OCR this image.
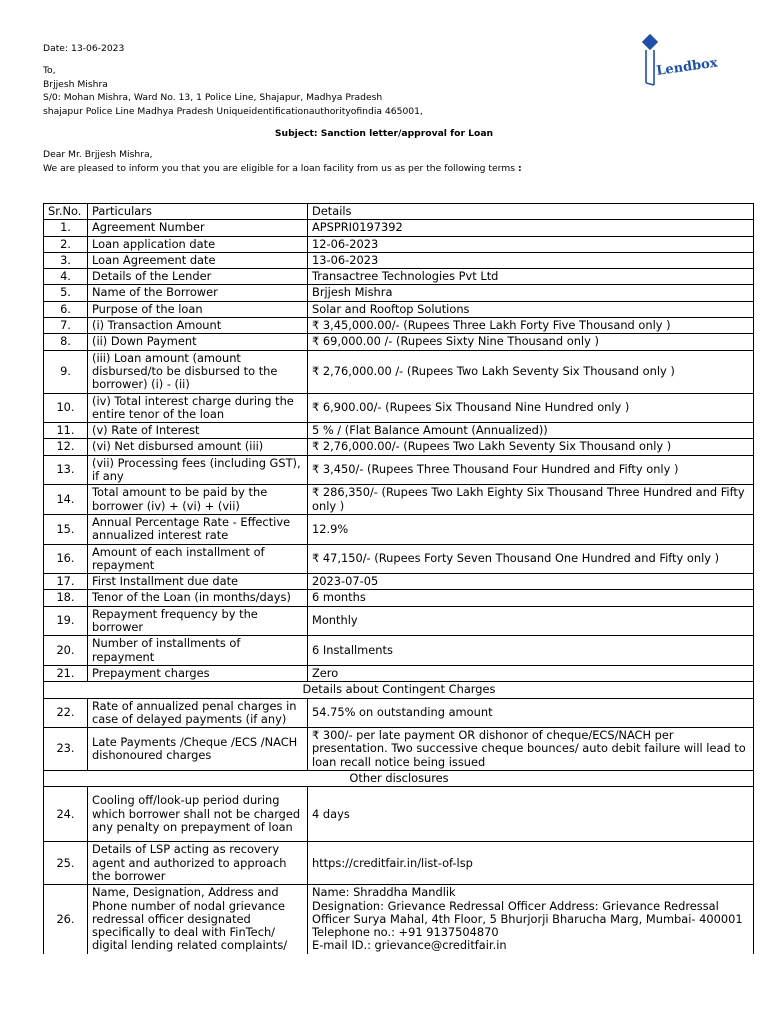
Date: 13-06-2023
Lendbox
To,
Brjjesh Mishra
S/0: Mohan Mishra, Ward No. 13, 1 Police Line, Shajapur, Madhya Pradesh
shajapur Police Line Madhya Pradesh Uniqueidentificationauthorityofindia 465001,
Subject: Sanction letter/approval for Loan
Dear Mr. Brjjesh Mishra,
We are pleased to inform you that you are eligible for a loan facility from us as per the following terms :
Sr.No.	Particulars	Details
1.	Agreement Number	APSPRI0197392
2.	Loan application date	12-06-2023
3.	Loan Agreement date	13-06-2023
4.	Details of the Lender	Transactree Technologies Pvt Ltd
5.	Name of the Borrower	Brjjesh Mishra
6.	Purpose of the loan	Solar and Rooftop Solutions
7.	(i) Transaction Amount	₹ 3,45,000.00/- (Rupees Three Lakh Forty Five Thousand only )
8.	(ii) Down Payment	₹ 69,000.00 /- (Rupees Sixty Nine Thousand only )
9.	(iii) Loan amount (amount disbursed/to be disbursed to the borrower) (i) - (ii)	₹ 2,76,000.00 /- (Rupees Two Lakh Seventy Six Thousand only )
10.	(iv) Total interest charge during the entire tenor of the loan	₹ 6,900.00/- (Rupees Six Thousand Nine Hundred only )
11.	(v) Rate of Interest	5 % / (Flat Balance Amount (Annualized))
12.	(vi) Net disbursed amount (iii)	₹ 2,76,000.00/- (Rupees Two Lakh Seventy Six Thousand only )
13.	(vii) Processing fees (including GST), if any	₹ 3,450/- (Rupees Three Thousand Four Hundred and Fifty only )
14.	Total amount to be paid by the borrower (iv) + (vi) + (vii)	₹ 286,350/- (Rupees Two Lakh Eighty Six Thousand Three Hundred and Fifty only )
15.	Annual Percentage Rate - Effective annualized interest rate	12.9%
16.	Amount of each installment of repayment	₹ 47,150/- (Rupees Forty Seven Thousand One Hundred and Fifty only )
17.	First Installment due date	2023-07-05
18.	Tenor of the Loan (in months/days)	6 months
19.	Repayment frequency by the borrower	Monthly
20.	Number of installments of repayment	6 Installments
21.	Prepayment charges	Zero
Details about Contingent Charges		
22.	Rate of annualized penal charges in case of delayed payments (if any)	54.75% on outstanding amount
23.	Late Payments /Cheque /ECS /NACH dishonoured charges	₹ 300/- per late payment OR dishonor of cheque/ECS/NACH per presentation. Two successive cheque bounces/ auto debit failure will lead to loan recall notice being issued
Other disclosures		
24.	Cooling off/look-up period during which borrower shall not be charged any penalty on prepayment of loan	4 days
25.	Details of LSP acting as recovery agent and authorized to approach the borrower	https://creditfair.in/list-of-lsp
26.	Name, Designation, Address and Phone number of nodal grievance redressal officer designated specifically to deal with FinTech/ digital lending related complaints/	Name: Shraddha Mandlik
Designation: Grievance Redressal Officer Address: Grievance Redressal Officer Surya Mahal, 4th Floor, 5 Bhurjorji Bharucha Marg, Mumbai- 400001
Telephone no.: +91 9137504870
E-mail ID.: grievance@creditfair.in
